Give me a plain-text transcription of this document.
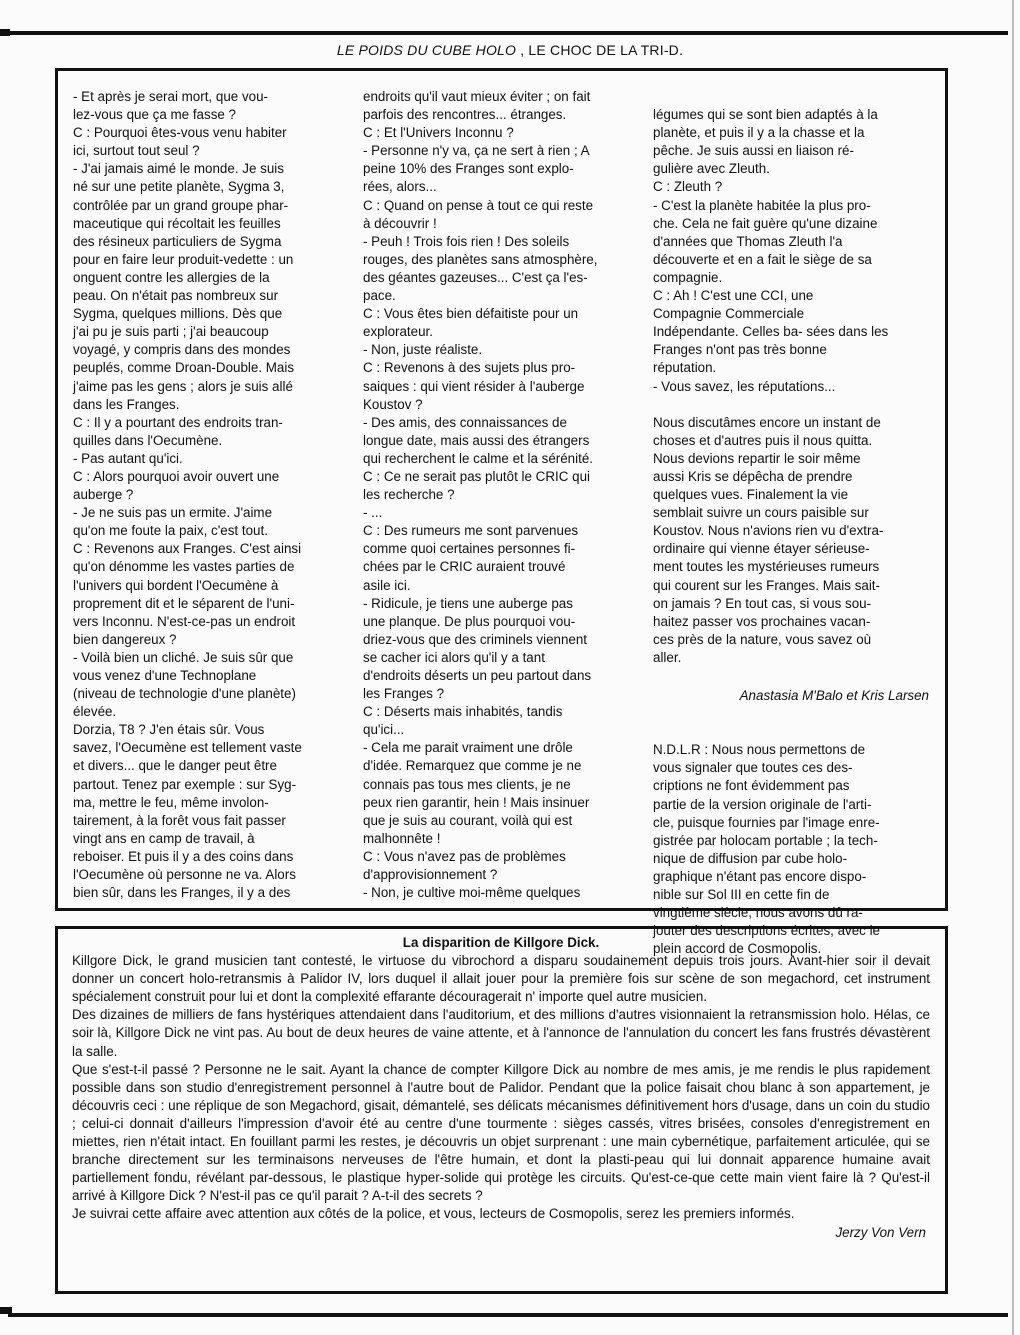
LE POIDS DU CUBE HOLO , LE CHOC DE LA TRI-D.
- Et après je serai mort, que vou-
lez-vous que ça me fasse ?
C : Pourquoi êtes-vous venu habiter
ici, surtout tout seul ?
- J'ai jamais aimé le monde. Je suis
né sur une petite planète, Sygma 3,
contrôlée par un grand groupe phar-
maceutique qui récoltait les feuilles
des résineux particuliers de Sygma
pour en faire leur produit-vedette : un
onguent contre les allergies de la
peau. On n'était pas nombreux sur
Sygma, quelques millions. Dès que
j'ai pu je suis parti ; j'ai beaucoup
voyagé, y compris dans des mondes
peuplés, comme Droan-Double. Mais
j'aime pas les gens ; alors je suis allé
dans les Franges.
C : Il y a pourtant des endroits tran-
quilles dans l'Oecumène.
- Pas autant qu'ici.
C : Alors pourquoi avoir ouvert une
auberge ?
- Je ne suis pas un ermite. J'aime
qu'on me foute la paix, c'est tout.
C : Revenons aux Franges. C'est ainsi
qu'on dénomme les vastes parties de
l'univers qui bordent l'Oecumène à
proprement dit et le séparent de l'uni-
vers Inconnu. N'est-ce-pas un endroit
bien dangereux ?
- Voilà bien un cliché. Je suis sûr que
vous venez d'une Technoplane
(niveau de technologie d'une planète)
élevée.
Dorzia, T8 ? J'en étais sûr. Vous
savez, l'Oecumène est tellement vaste
et divers... que le danger peut être
partout. Tenez par exemple : sur Syg-
ma, mettre le feu, même involon-
tairement, à la forêt vous fait passer
vingt ans en camp de travail, à
reboiser. Et puis il y a des coins dans
l'Oecumène où personne ne va. Alors
bien sûr, dans les Franges, il y a des
endroits qu'il vaut mieux éviter ; on fait
parfois des rencontres... étranges.
C : Et l'Univers Inconnu ?
- Personne n'y va, ça ne sert à rien ; A
peine 10% des Franges sont explo-
rées, alors...
C : Quand on pense à tout ce qui reste
à découvrir !
- Peuh ! Trois fois rien ! Des soleils
rouges, des planètes sans atmosphère,
des géantes gazeuses... C'est ça l'es-
pace.
C : Vous êtes bien défaitiste pour un
explorateur.
- Non, juste réaliste.
C : Revenons à des sujets plus pro-
saiques : qui vient résider à l'auberge
Koustov ?
- Des amis, des connaissances de
longue date, mais aussi des étrangers
qui recherchent le calme et la sérénité.
C : Ce ne serait pas plutôt le CRIC qui
les recherche ?
- ...
C : Des rumeurs me sont parvenues
comme quoi certaines personnes fi-
chées par le CRIC auraient trouvé
asile ici.
- Ridicule, je tiens une auberge pas
une planque. De plus pourquoi vou-
driez-vous que des criminels viennent
se cacher ici alors qu'il y a tant
d'endroits déserts un peu partout dans
les Franges ?
C : Déserts mais inhabités, tandis
qu'ici...
- Cela me parait vraiment une drôle
d'idée. Remarquez que comme je ne
connais pas tous mes clients, je ne
peux rien garantir, hein ! Mais insinuer
que je suis au courant, voilà qui est
malhonnête !
C : Vous n'avez pas de problèmes
d'approvisionnement ?
- Non, je cultive moi-même quelques

légumes qui se sont bien adaptés à la
planète, et puis il y a la chasse et la
pêche. Je suis aussi en liaison ré-
gulière avec Zleuth.
C : Zleuth ?
- C'est la planète habitée la plus pro-
che. Cela ne fait guère qu'une dizaine
d'années que Thomas Zleuth l'a
découverte et en a fait le siège de sa
compagnie.
C : Ah ! C'est une CCI, une
Compagnie Commerciale
Indépendante. Celles ba- sées dans les
Franges n'ont pas très bonne
réputation.
- Vous savez, les réputations...

Nous discutâmes encore un instant de
choses et d'autres puis il nous quitta.
Nous devions repartir le soir même
aussi Kris se dépêcha de prendre
quelques vues. Finalement la vie
semblait suivre un cours paisible sur
Koustov. Nous n'avions rien vu d'extra-
ordinaire qui vienne étayer sérieuse-
ment toutes les mystérieuses rumeurs
qui courent sur les Franges. Mais sait-
on jamais ? En tout cas, si vous sou-
haitez passer vos prochaines vacan-
ces près de la nature, vous savez où
aller.

Anastasia M'Balo et Kris Larsen

N.D.L.R : Nous nous permettons de
vous signaler que toutes ces des-
criptions ne font évidemment pas
partie de la version originale de l'arti-
cle, puisque fournies par l'image enre-
gistrée par holocam portable ; la tech-
nique de diffusion par cube holo-
graphique n'étant pas encore dispo-
nible sur Sol III en cette fin de
vingtième siècle, nous avons dû ra-
jouter des descriptions écrites, avec le
plein accord de Cosmopolis.

La disparition de Killgore Dick.

Killgore Dick, le grand musicien tant contesté, le virtuose du vibrochord a disparu soudainement depuis trois jours. Avant-hier soir il devait donner un concert holo-retransmis à Palidor IV, lors duquel il allait jouer pour la première fois sur scène de son megachord, cet instrument spécialement construit pour lui et dont la complexité effarante découragerait n' importe quel autre musicien.

Des dizaines de milliers de fans hystériques attendaient dans l'auditorium, et des millions d'autres visionnaient la retransmission holo. Hélas, ce soir là, Killgore Dick ne vint pas. Au bout de deux heures de vaine attente, et à l'annonce de l'annulation du concert les fans frustrés dévastèrent la salle.

Que s'est-t-il passé ? Personne ne le sait. Ayant la chance de compter Killgore Dick au nombre de mes amis, je me rendis le plus rapidement possible dans son studio d'enregistrement personnel à l'autre bout de Palidor. Pendant que la police faisait chou blanc à son appartement, je découvris ceci : une réplique de son Megachord, gisait, démantelé, ses délicats mécanismes définitivement hors d'usage, dans un coin du studio ; celui-ci donnait d'ailleurs l'impression d'avoir été au centre d'une tourmente : sièges cassés, vitres brisées, consoles d'enregistrement en miettes, rien n'était intact. En fouillant parmi les restes, je découvris un objet surprenant : une main cybernétique, parfaitement articulée, qui se branche directement sur les terminaisons nerveuses de l'être humain, et dont la plasti-peau qui lui donnait apparence humaine avait partiellement fondu, révélant par-dessous, le plastique hyper-solide qui protège les circuits. Qu'est-ce-que cette main vient faire là ? Qu'est-il arrivé à Killgore Dick ? N'est-il pas ce qu'il parait ? A-t-il des secrets ?

Je suivrai cette affaire avec attention aux côtés de la police, et vous, lecteurs de Cosmopolis, serez les premiers informés.

Jerzy Von Vern
